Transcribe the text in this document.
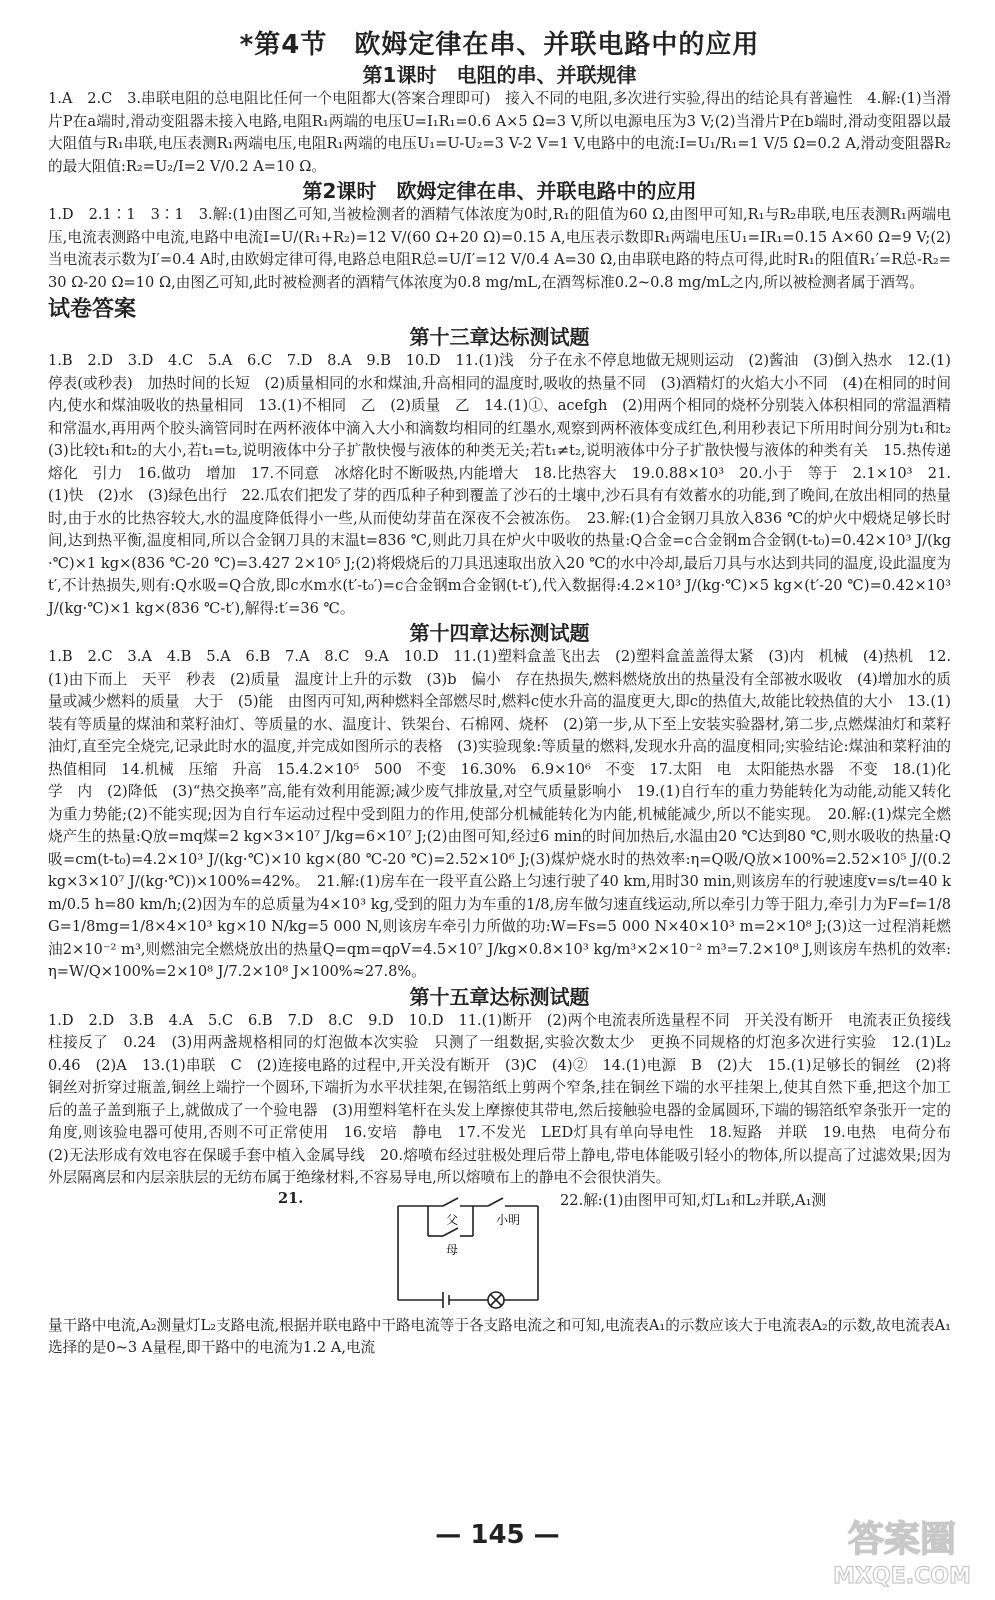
*第4节　欧姆定律在串、并联电路中的应用
第1课时　电阻的串、并联规律

1.A　2.C　3.串联电阻的总电阻比任何一个电阻都大(答案合理即可)　接入不同的电阻,多次进行实验,得出的结论具有普遍性　4.解:(1)当滑片P在a端时,滑动变阻器未接入电路,电阻R₁两端的电压U=I₁R₁=0.6 A×5 Ω=3 V,所以电源电压为3 V;(2)当滑片P在b端时,滑动变阻器以最大阻值与R₁串联,电压表测R₁两端电压,电阻R₁两端的电压U₁=U-U₂=3 V-2 V=1 V,电路中的电流:I=U₁/R₁=1 V/5 Ω=0.2 A,滑动变阻器R₂的最大阻值:R₂=U₂/I=2 V/0.2 A=10 Ω。

第2课时　欧姆定律在串、并联电路中的应用

1.D　2.1∶1　3∶1　3.解:(1)由图乙可知,当被检测者的酒精气体浓度为0时,R₁的阻值为60 Ω,由图甲可知,R₁与R₂串联,电压表测R₁两端电压,电流表测路中电流,电路中电流I=U/(R₁+R₂)=12 V/(60 Ω+20 Ω)=0.15 A,电压表示数即R₁两端电压U₁=IR₁=0.15 A×60 Ω=9 V;(2)当电流表示数为I′=0.4 A时,由欧姆定律可得,电路总电阻R总=U/I′=12 V/0.4 A=30 Ω,由串联电路的特点可得,此时R₁的阻值R₁′=R总-R₂=30 Ω-20 Ω=10 Ω,由图乙可知,此时被检测者的酒精气体浓度为0.8 mg/mL,在酒驾标准0.2~0.8 mg/mL之内,所以被检测者属于酒驾。

试卷答案
第十三章达标测试题

1.B　2.D　3.D　4.C　5.A　6.C　7.D　8.A　9.B　10.D　11.(1)浅　分子在永不停息地做无规则运动　(2)酱油　(3)倒入热水　12.(1)停表(或秒表)　加热时间的长短　(2)质量相同的水和煤油,升高相同的温度时,吸收的热量不同　(3)酒精灯的火焰大小不同　(4)在相同的时间内,使水和煤油吸收的热量相同　13.(1)不相同　乙　(2)质量　乙　14.(1)①、acefgh　(2)用两个相同的烧杯分别装入体积相同的常温酒精和常温水,再用两个胶头滴管同时在两杯液体中滴入大小和滴数均相同的红墨水,观察到两杯液体变成红色,利用秒表记下所用时间分别为t₁和t₂　(3)比较t₁和t₂的大小,若t₁=t₂,说明液体中分子扩散快慢与液体的种类无关;若t₁≠t₂,说明液体中分子扩散快慢与液体的种类有关　15.热传递　熔化　引力　16.做功　增加　17.不同意　冰熔化时不断吸热,内能增大　18.比热容大　19.0.88×10³　20.小于　等于　2.1×10³　21.(1)快　(2)水　(3)绿色出行　22.瓜农们把发了芽的西瓜种子种到覆盖了沙石的土壤中,沙石具有有效蓄水的功能,到了晚间,在放出相同的热量时,由于水的比热容较大,水的温度降低得小一些,从而使幼芽苗在深夜不会被冻伤。　23.解:(1)合金钢刀具放入836 ℃的炉火中煅烧足够长时间,达到热平衡,温度相同,所以合金钢刀具的末温t=836 ℃,则此刀具在炉火中吸收的热量:Q合金=c合金钢m合金钢(t-t₀)=0.42×10³ J/(kg·℃)×1 kg×(836 ℃-20 ℃)=3.427 2×10⁵ J;(2)将煅烧后的刀具迅速取出放入20 ℃的水中冷却,最后刀具与水达到共同的温度,设此温度为t′,不计热损失,则有:Q水吸=Q合放,即c水m水(t′-t₀′)=c合金钢m合金钢(t-t′),代入数据得:4.2×10³ J/(kg·℃)×5 kg×(t′-20 ℃)=0.42×10³ J/(kg·℃)×1 kg×(836 ℃-t′),解得:t′=36 ℃。

第十四章达标测试题

1.B　2.C　3.A　4.B　5.A　6.B　7.A　8.C　9.A　10.D　11.(1)塑料盒盖飞出去　(2)塑料盒盖盖得太紧　(3)内　机械　(4)热机　12.(1)由下而上　天平　秒表　(2)质量　温度计上升的示数　(3)b　偏小　存在热损失,燃料燃烧放出的热量没有全部被水吸收　(4)增加水的质量或减少燃料的质量　大于　(5)能　由图丙可知,两种燃料全部燃尽时,燃料c使水升高的温度更大,即c的热值大,故能比较热值的大小　13.(1)装有等质量的煤油和菜籽油灯、等质量的水、温度计、铁架台、石棉网、烧杯　(2)第一步,从下至上安装实验器材,第二步,点燃煤油灯和菜籽油灯,直至完全烧完,记录此时水的温度,并完成如图所示的表格　(3)实验现象:等质量的燃料,发现水升高的温度相同;实验结论:煤油和菜籽油的热值相同　14.机械　压缩　升高　15.4.2×10⁵　500　不变　16.30%　6.9×10⁶　不变　17.太阳　电　太阳能热水器　不变　18.(1)化学　内　(2)降低　(3)“热交换率”高,能有效利用能源;减少废气排放量,对空气质量影响小　19.(1)自行车的重力势能转化为动能,动能又转化为重力势能;(2)不能实现;因为自行车运动过程中受到阻力的作用,使部分机械能转化为内能,机械能减少,所以不能实现。　20.解:(1)煤完全燃烧产生的热量:Q放=mq煤=2 kg×3×10⁷ J/kg=6×10⁷ J;(2)由图可知,经过6 min的时间加热后,水温由20 ℃达到80 ℃,则水吸收的热量:Q吸=cm(t-t₀)=4.2×10³ J/(kg·℃)×10 kg×(80 ℃-20 ℃)=2.52×10⁶ J;(3)煤炉烧水时的热效率:η=Q吸/Q放×100%=2.52×10⁵ J/(0.2 kg×3×10⁷ J/(kg·℃))×100%=42%。　21.解:(1)房车在一段平直公路上匀速行驶了40 km,用时30 min,则该房车的行驶速度v=s/t=40 km/0.5 h=80 km/h;(2)因为车的总质量为4×10³ kg,受到的阻力为车重的1/8,房车做匀速直线运动,所以牵引力等于阻力,牵引力为F=f=1/8G=1/8mg=1/8×4×10³ kg×10 N/kg=5 000 N,则该房车牵引力所做的功:W=Fs=5 000 N×40×10³ m=2×10⁸ J;(3)这一过程消耗燃油2×10⁻² m³,则燃油完全燃烧放出的热量Q=qm=qρV=4.5×10⁷ J/kg×0.8×10³ kg/m³×2×10⁻² m³=7.2×10⁸ J,则该房车热机的效率:η=W/Q×100%=2×10⁸ J/7.2×10⁸ J×100%≈27.8%。

第十五章达标测试题

1.D　2.D　3.B　4.A　5.C　6.B　7.D　8.C　9.D　10.D　11.(1)断开　(2)两个电流表所选量程不同　开关没有断开　电流表正负接线柱接反了　0.24　(3)用两盏规格相同的灯泡做本次实验　只测了一组数据,实验次数太少　更换不同规格的灯泡多次进行实验　12.(1)L₂　0.46　(2)A　13.(1)串联　C　(2)连接电路的过程中,开关没有断开　(3)C　(4)②　14.(1)电源　B　(2)大　15.(1)足够长的铜丝　(2)将铜丝对折穿过瓶盖,铜丝上端拧一个圆环,下端折为水平状挂架,在锡箔纸上剪两个窄条,挂在铜丝下端的水平挂架上,使其自然下垂,把这个加工后的盖子盖到瓶子上,就做成了一个验电器　(3)用塑料笔杆在头发上摩擦使其带电,然后接触验电器的金属圆环,下端的锡箔纸窄条张开一定的角度,则该验电器可使用,否则不可正常使用　16.安培　静电　17.不发光　LED灯具有单向导电性　18.短路　并联　19.电热　电荷分布　(2)无法形成有效电容在保暖手套中植入金属导线　20.熔喷布经过驻极处理后带上静电,带电体能吸引轻小的物体,所以提高了过滤效果;因为外层隔离层和内层亲肤层的无纺布属于绝缘材料,不容易导电,所以熔喷布上的静电不会很快消失。

21.
父
母
小明
22.解:(1)由图甲可知,灯L₁和L₂并联,A₁测

量干路中电流,A₂测量灯L₂支路电流,根据并联电路中干路电流等于各支路电流之和可知,电流表A₁的示数应该大于电流表A₂的示数,故电流表A₁选择的是0~3 A量程,即干路中的电流为1.2 A,电流

— 145 —	答案圈
MXQE.COM
